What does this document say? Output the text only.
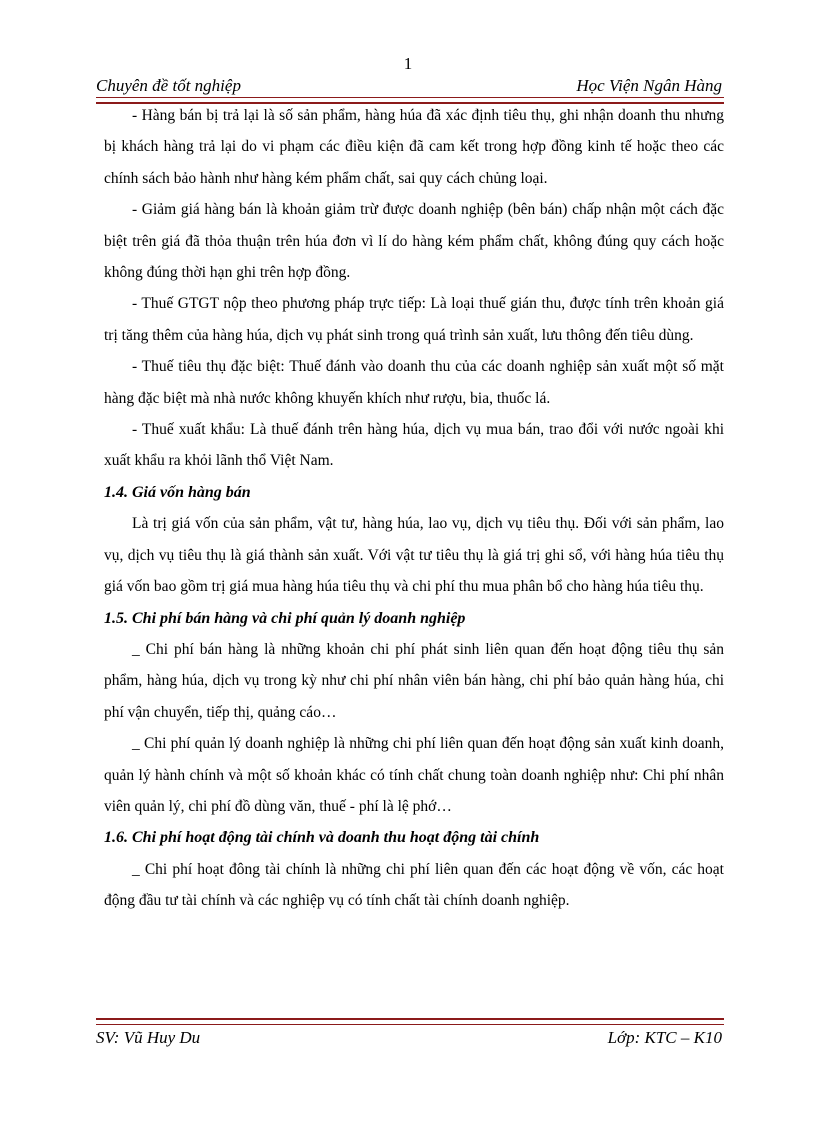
1
Chuyên đề tốt nghiệp	Học Viện Ngân Hàng

- Hàng bán bị trả lại là số sản phẩm, hàng húa đã xác định tiêu thụ, ghi nhận doanh thu nhưng bị khách hàng trả lại do vi phạm các điều kiện đã cam kết trong hợp đồng kinh tế hoặc theo các chính sách bảo hành như hàng kém phẩm chất, sai quy cách chủng loại.

- Giảm giá hàng bán là khoản giảm trừ được doanh nghiệp (bên bán) chấp nhận một cách đặc biệt trên giá đã thỏa thuận trên húa đơn vì lí do hàng kém phẩm chất, không đúng quy cách hoặc không đúng thời hạn ghi trên hợp đồng.

- Thuế GTGT nộp theo phương pháp trực tiếp: Là loại thuế gián thu, được tính trên khoản giá trị tăng thêm của hàng húa, dịch vụ phát sinh trong quá trình sản xuất, lưu thông đến tiêu dùng.

- Thuế tiêu thụ đặc biệt: Thuế đánh vào doanh thu của các doanh nghiệp sản xuất một số mặt hàng đặc biệt mà nhà nước không khuyến khích như rượu, bia, thuốc lá.

- Thuế xuất khẩu: Là thuế đánh trên hàng húa, dịch vụ mua bán, trao đổi với nước ngoài khi xuất khẩu ra khỏi lãnh thổ Việt Nam.

1.4. Giá vốn hàng bán

Là trị giá vốn của sản phẩm, vật tư, hàng húa, lao vụ, dịch vụ tiêu thụ. Đối với sản phẩm, lao vụ, dịch vụ tiêu thụ là giá thành sản xuất. Với vật tư tiêu thụ là giá trị ghi sổ, với hàng húa tiêu thụ giá vốn bao gồm trị giá mua hàng húa tiêu thụ và chi phí thu mua phân bổ cho hàng húa tiêu thụ.

1.5. Chi phí bán hàng và chi phí quản lý doanh nghiệp

_ Chi phí bán hàng là những khoản chi phí phát sinh liên quan đến hoạt động tiêu thụ sản phẩm, hàng húa, dịch vụ trong kỳ như chi phí nhân viên bán hàng, chi phí bảo quản hàng húa, chi phí vận chuyển, tiếp thị, quảng cáo…

_ Chi phí quản lý doanh nghiệp là những chi phí liên quan đến hoạt động sản xuất kinh doanh, quản lý hành chính và một số khoản khác có tính chất chung toàn doanh nghiệp như: Chi phí nhân viên quản lý, chi phí đồ dùng văn, thuế - phí là lệ phớ…

1.6. Chi phí hoạt động tài chính và doanh thu hoạt động tài chính

_ Chi phí hoạt đông tài chính là những chi phí liên quan đến các hoạt động về vốn, các hoạt động đầu tư tài chính và các nghiệp vụ có tính chất tài chính doanh nghiệp.

SV: Vũ Huy Du	Lớp: KTC – K10
